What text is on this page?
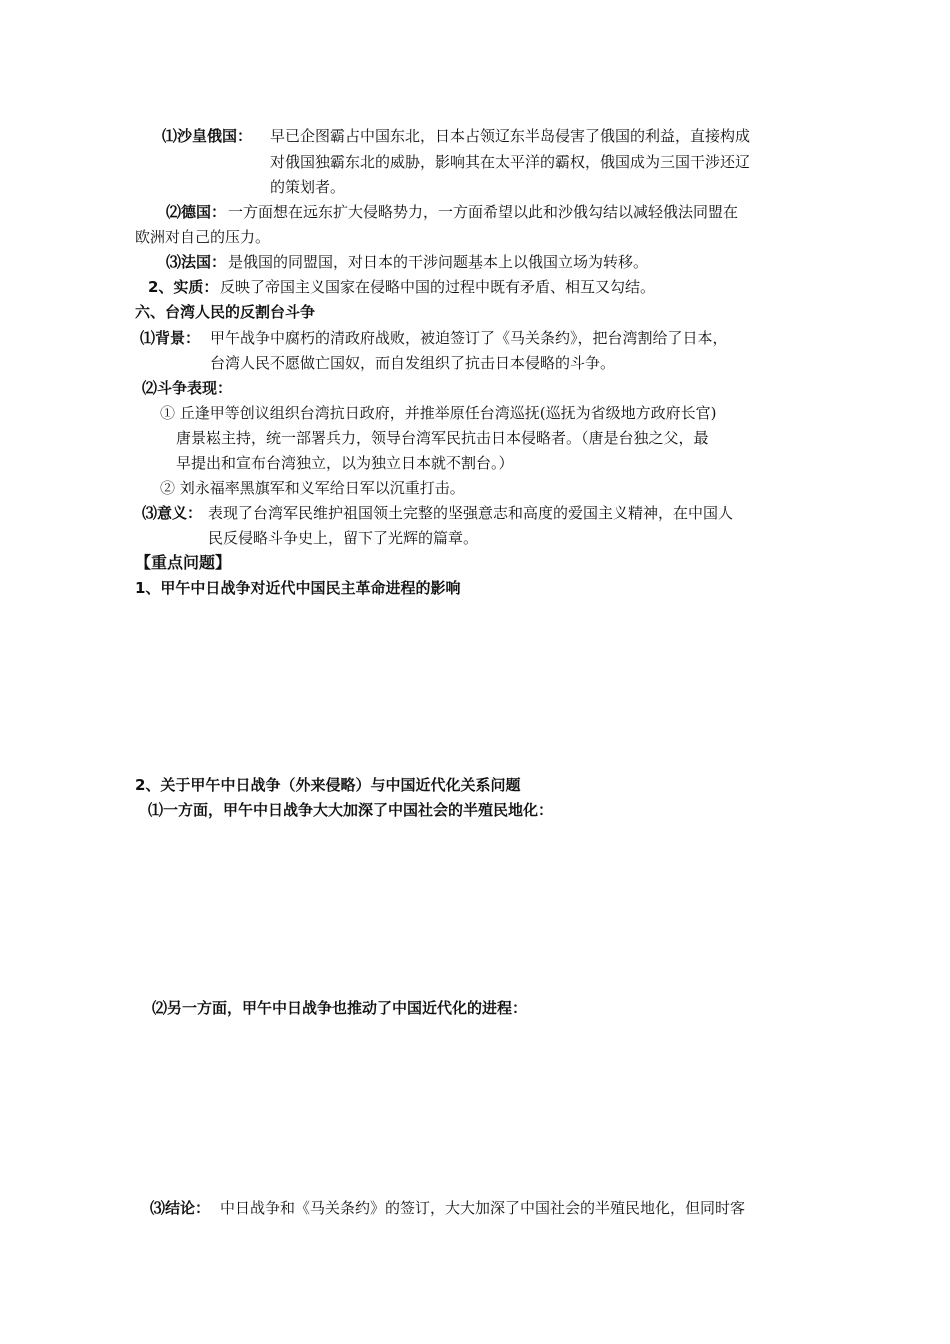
⑴沙皇俄国： 早已企图霸占中国东北，日本占领辽东半岛侵害了俄国的利益，直接构成
对俄国独霸东北的威胁，影响其在太平洋的霸权，俄国成为三国干涉还辽
的策划者。
⑵德国： 一方面想在远东扩大侵略势力，一方面希望以此和沙俄勾结以减轻俄法同盟在
欧洲对自己的压力。
⑶法国： 是俄国的同盟国，对日本的干涉问题基本上以俄国立场为转移。
2、实质： 反映了帝国主义国家在侵略中国的过程中既有矛盾、相互又勾结。
六、台湾人民的反割台斗争
⑴背景： 甲午战争中腐朽的清政府战败，被迫签订了《马关条约》，把台湾割给了日本，
台湾人民不愿做亡国奴，而自发组织了抗击日本侵略的斗争。
⑵斗争表现：
① 丘逢甲等创议组织台湾抗日政府，并推举原任台湾巡抚(巡抚为省级地方政府长官)
唐景崧主持，统一部署兵力，领导台湾军民抗击日本侵略者。（唐是台独之父，最
早提出和宣布台湾独立，以为独立日本就不割台。）
② 刘永福率黑旗军和义军给日军以沉重打击。
⑶意义： 表现了台湾军民维护祖国领土完整的坚强意志和高度的爱国主义精神，在中国人
民反侵略斗争史上，留下了光辉的篇章。
【重点问题】
1、甲午中日战争对近代中国民主革命进程的影响
2、关于甲午中日战争（外来侵略）与中国近代化关系问题
⑴一方面，甲午中日战争大大加深了中国社会的半殖民地化：
⑵另一方面，甲午中日战争也推动了中国近代化的进程：
⑶结论： 中日战争和《马关条约》的签订，大大加深了中国社会的半殖民地化，但同时客
